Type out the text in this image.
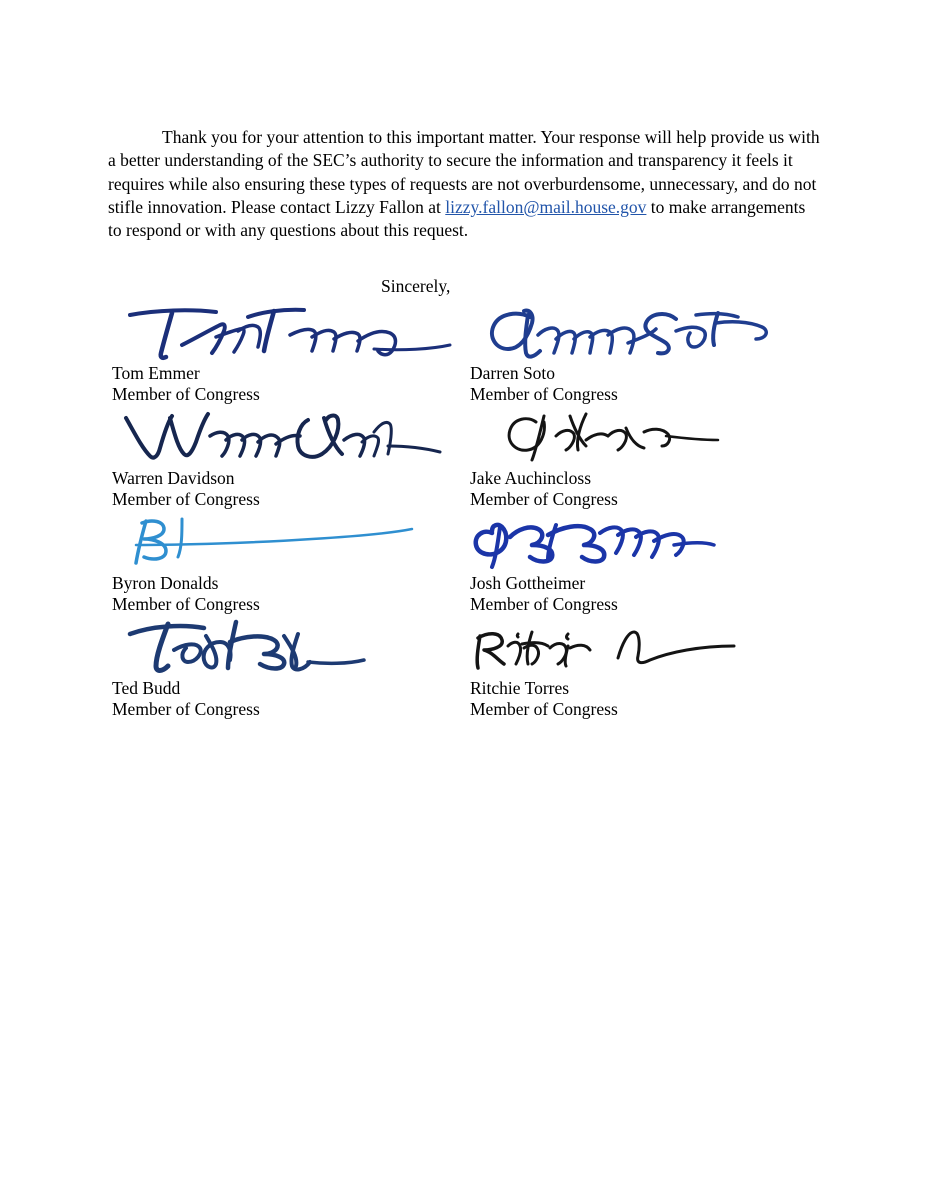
Thank you for your attention to this important matter. Your response will help provide us with a better understanding of the SEC’s authority to secure the information and transparency it feels it requires while also ensuring these types of requests are not overburdensome, unnecessary, and do not stifle innovation. Please contact Lizzy Fallon at lizzy.fallon@mail.house.gov to make arrangements to respond or with any questions about this request.

Sincerely,
Tom Emmer
Member of Congress
Darren Soto
Member of Congress
Warren Davidson
Member of Congress
Jake Auchincloss
Member of Congress
Byron Donalds
Member of Congress
Josh Gottheimer
Member of Congress
Ted Budd
Member of Congress
Ritchie Torres
Member of Congress
